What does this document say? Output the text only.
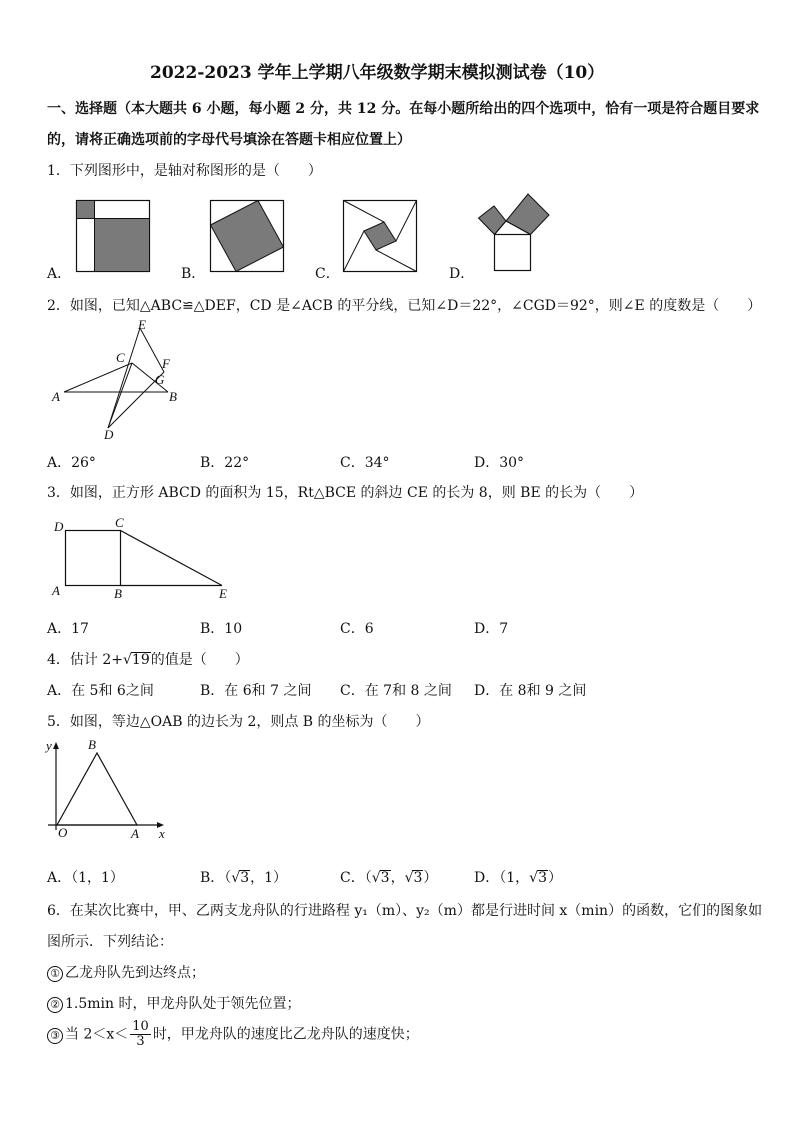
2022-2023 学年上学期八年级数学期末模拟测试卷（10）
一、选择题（本大题共 6 小题，每小题 2 分，共 12 分。在每小题所给出的四个选项中，恰有一项是符合题目要求
的，请将正确选项前的字母代号填涂在答题卡相应位置上）
1．下列图形中，是轴对称图形的是（　　）
A．	B．	C．	D．
2．如图，已知△ABC≌△DEF，CD 是∠ACB 的平分线，已知∠D＝22°，∠CGD＝92°，则∠E 的度数是（　　）
E
C	F
G
A	B
D
A．26°	B．22°	C．34°	D．30°
3．如图，正方形 ABCD 的面积为 15，Rt△BCE 的斜边 CE 的长为 8，则 BE 的长为（　　）
D	C
A	B	E
A．17	B．10	C．6	D．7
4．估计 2+√19的值是（　　）
A．在 5和 6之间	B．在 6和 7 之间 C．在 7和 8 之间 D．在 8和 9 之间
5．如图，等边△OAB 的边长为 2，则点 B 的坐标为（　　）
y	B
O	A x
A．（1，1）	B．（√3，1）	C．（√3，√3）	D．（1，√3）
6．在某次比赛中，甲、乙两支龙舟队的行进路程 y₁（m）、y₂（m）都是行进时间 x（min）的函数，它们的图象如
图所示．下列结论：
① 乙龙舟队先到达终点；
② 1.5min 时，甲龙舟队处于领先位置；
③ 当 $2<x< \frac{10}{3}$ 时，甲龙舟队的速度比乙龙舟队的速度快；
